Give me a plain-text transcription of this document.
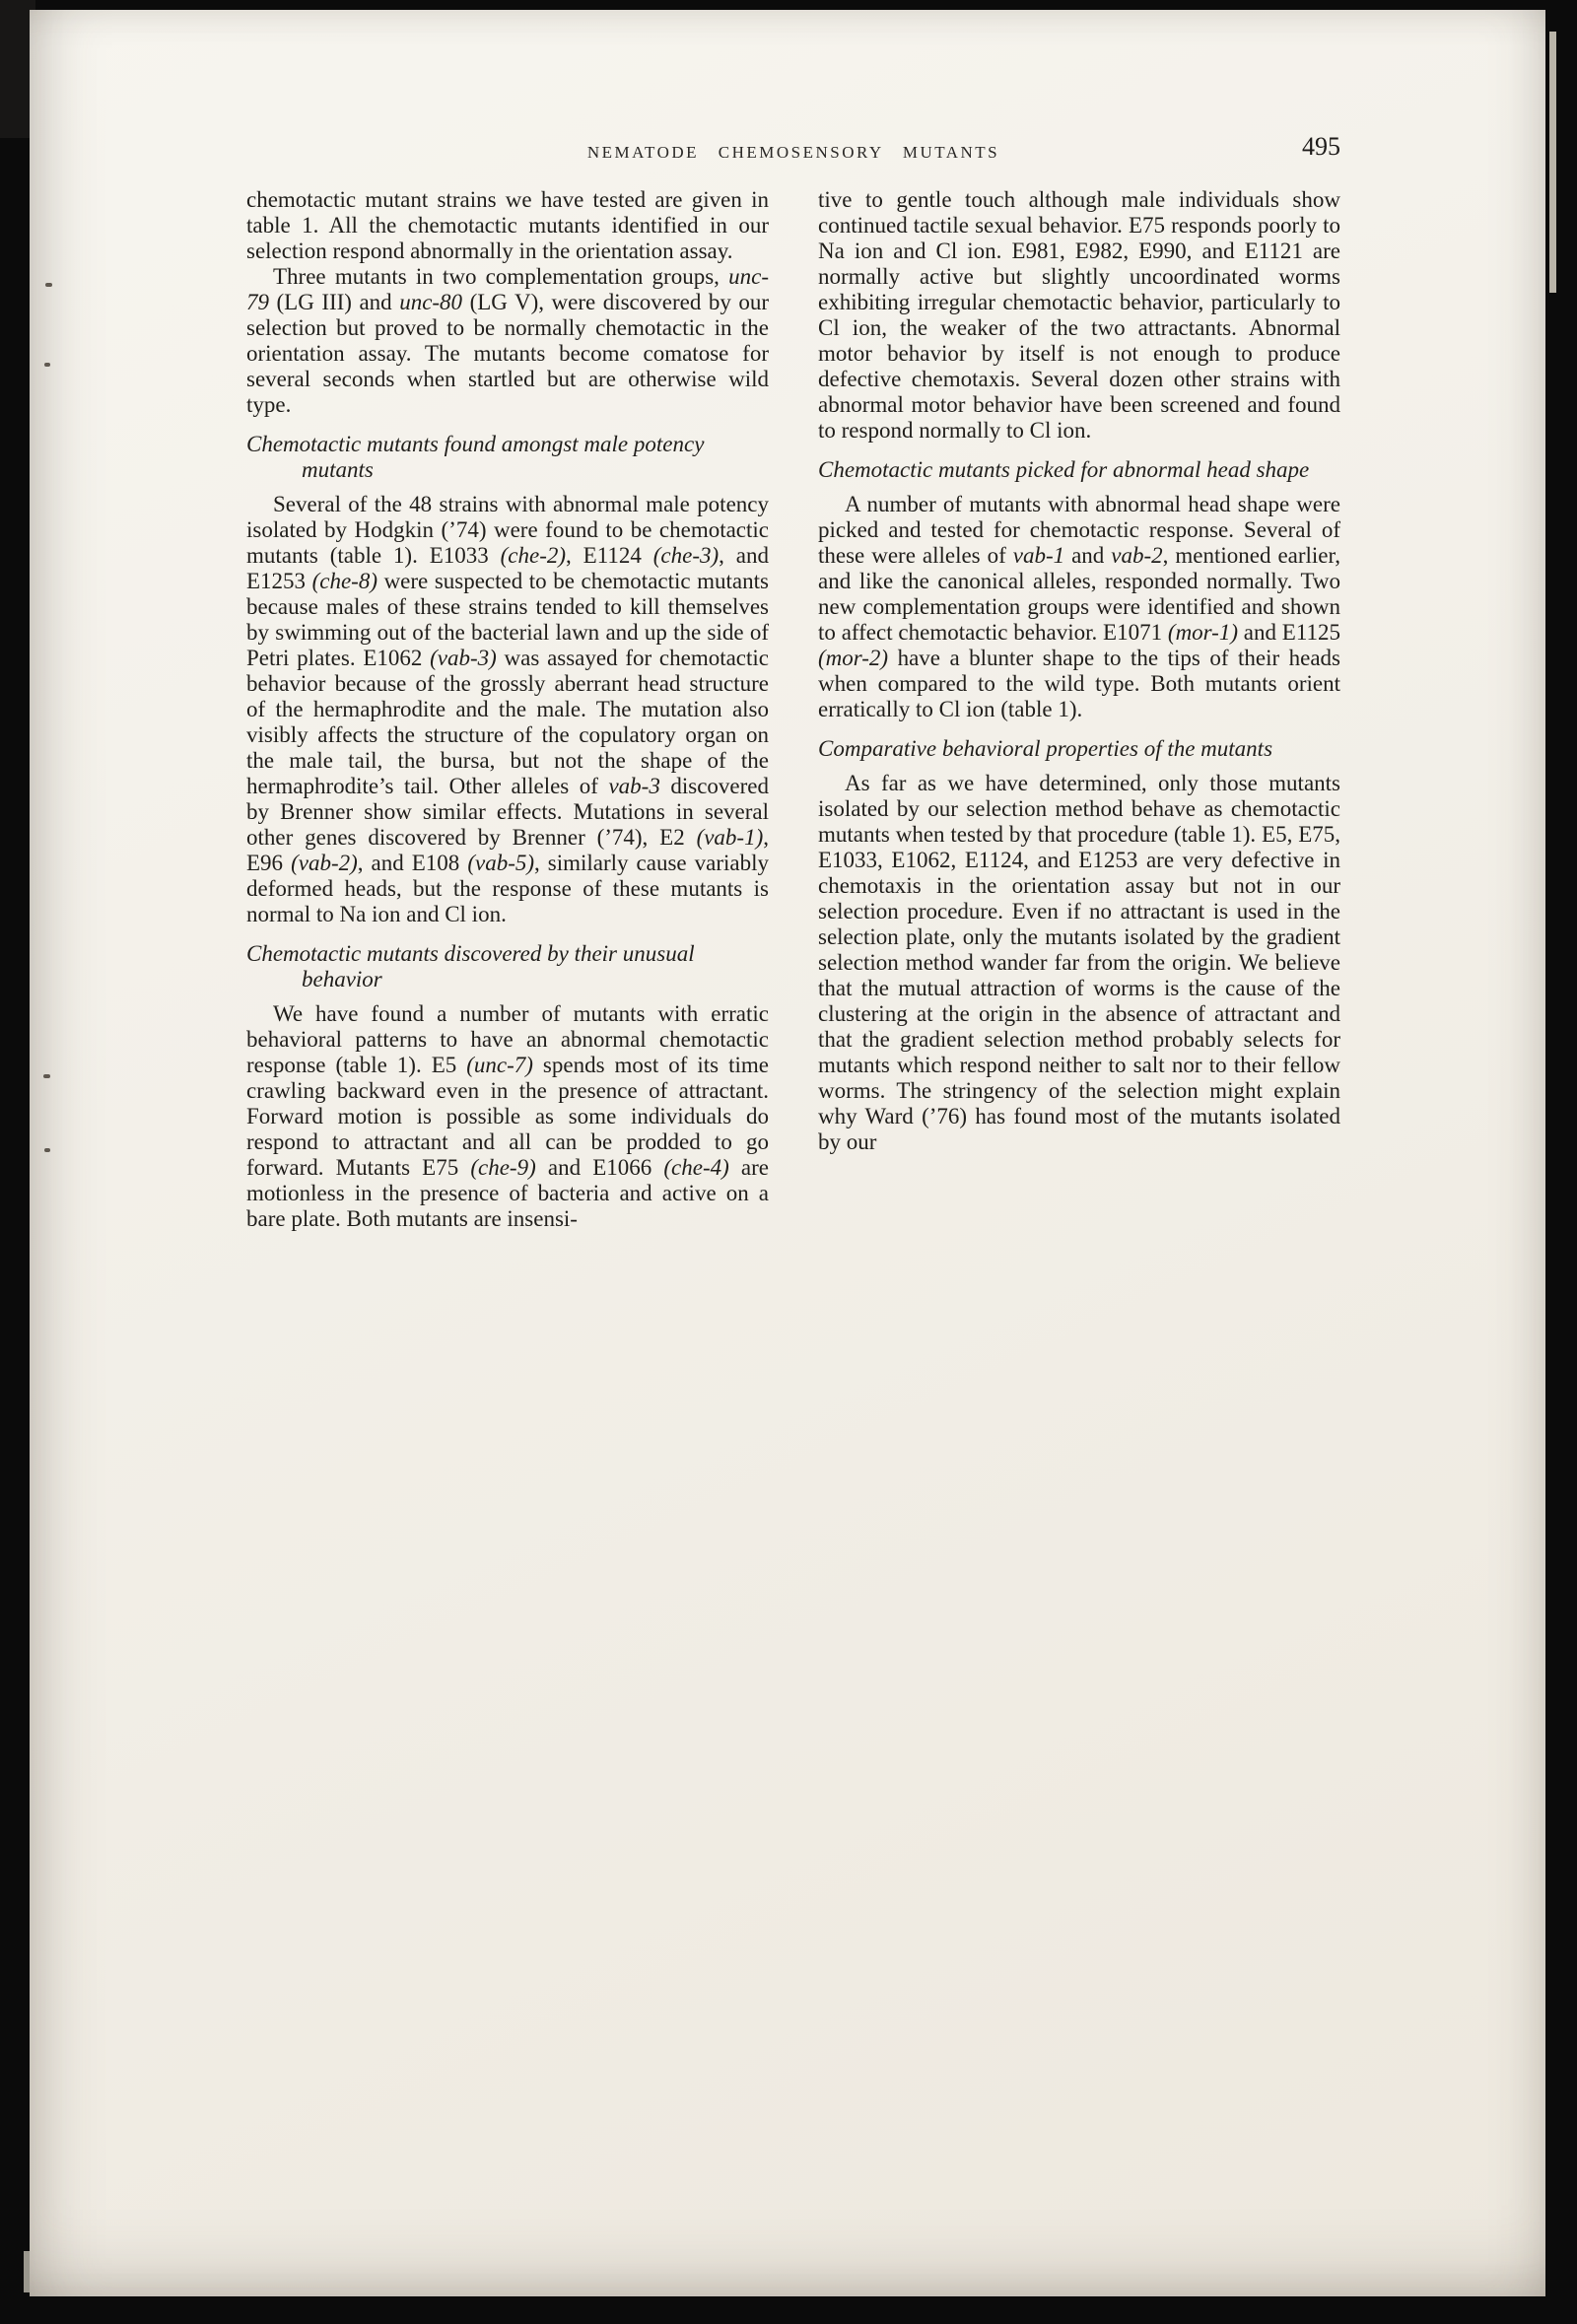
NEMATODE CHEMOSENSORY MUTANTS	495
chemotactic mutant strains we have tested are given in table 1. All the chemotactic mutants identified in our selection respond abnormally in the orientation assay.
Three mutants in two complementation groups, unc-79 (LG III) and unc-80 (LG V), were discovered by our selection but proved to be normally chemotactic in the orientation assay. The mutants become comatose for several seconds when startled but are otherwise wild type.
Chemotactic mutants found amongst male potency mutants
Several of the 48 strains with abnormal male potency isolated by Hodgkin (’74) were found to be chemotactic mutants (table 1). E1033 (che-2), E1124 (che-3), and E1253 (che-8) were suspected to be chemotactic mutants because males of these strains tended to kill themselves by swimming out of the bacterial lawn and up the side of Petri plates. E1062 (vab-3) was assayed for chemotactic behavior because of the grossly aberrant head structure of the hermaphrodite and the male. The mutation also visibly affects the structure of the copulatory organ on the male tail, the bursa, but not the shape of the hermaphrodite’s tail. Other alleles of vab-3 discovered by Brenner show similar effects. Mutations in several other genes discovered by Brenner (’74), E2 (vab-1), E96 (vab-2), and E108 (vab-5), similarly cause variably deformed heads, but the response of these mutants is normal to Na ion and Cl ion.
Chemotactic mutants discovered by their unusual behavior
We have found a number of mutants with erratic behavioral patterns to have an abnormal chemotactic response (table 1). E5 (unc-7) spends most of its time crawling backward even in the presence of attractant. Forward motion is possible as some individuals do respond to attractant and all can be prodded to go forward. Mutants E75 (che-9) and E1066 (che-4) are motionless in the presence of bacteria and active on a bare plate. Both mutants are insensi-
tive to gentle touch although male individuals show continued tactile sexual behavior. E75 responds poorly to Na ion and Cl ion. E981, E982, E990, and E1121 are normally active but slightly uncoordinated worms exhibiting irregular chemotactic behavior, particularly to Cl ion, the weaker of the two attractants. Abnormal motor behavior by itself is not enough to produce defective chemotaxis. Several dozen other strains with abnormal motor behavior have been screened and found to respond normally to Cl ion.
Chemotactic mutants picked for abnormal head shape
A number of mutants with abnormal head shape were picked and tested for chemotactic response. Several of these were alleles of vab-1 and vab-2, mentioned earlier, and like the canonical alleles, responded normally. Two new complementation groups were identified and shown to affect chemotactic behavior. E1071 (mor-1) and E1125 (mor-2) have a blunter shape to the tips of their heads when compared to the wild type. Both mutants orient erratically to Cl ion (table 1).
Comparative behavioral properties of the mutants
As far as we have determined, only those mutants isolated by our selection method behave as chemotactic mutants when tested by that procedure (table 1). E5, E75, E1033, E1062, E1124, and E1253 are very defective in chemotaxis in the orientation assay but not in our selection procedure. Even if no attractant is used in the selection plate, only the mutants isolated by the gradient selection method wander far from the origin. We believe that the mutual attraction of worms is the cause of the clustering at the origin in the absence of attractant and that the gradient selection method probably selects for mutants which respond neither to salt nor to their fellow worms. The stringency of the selection might explain why Ward (’76) has found most of the mutants isolated by our
